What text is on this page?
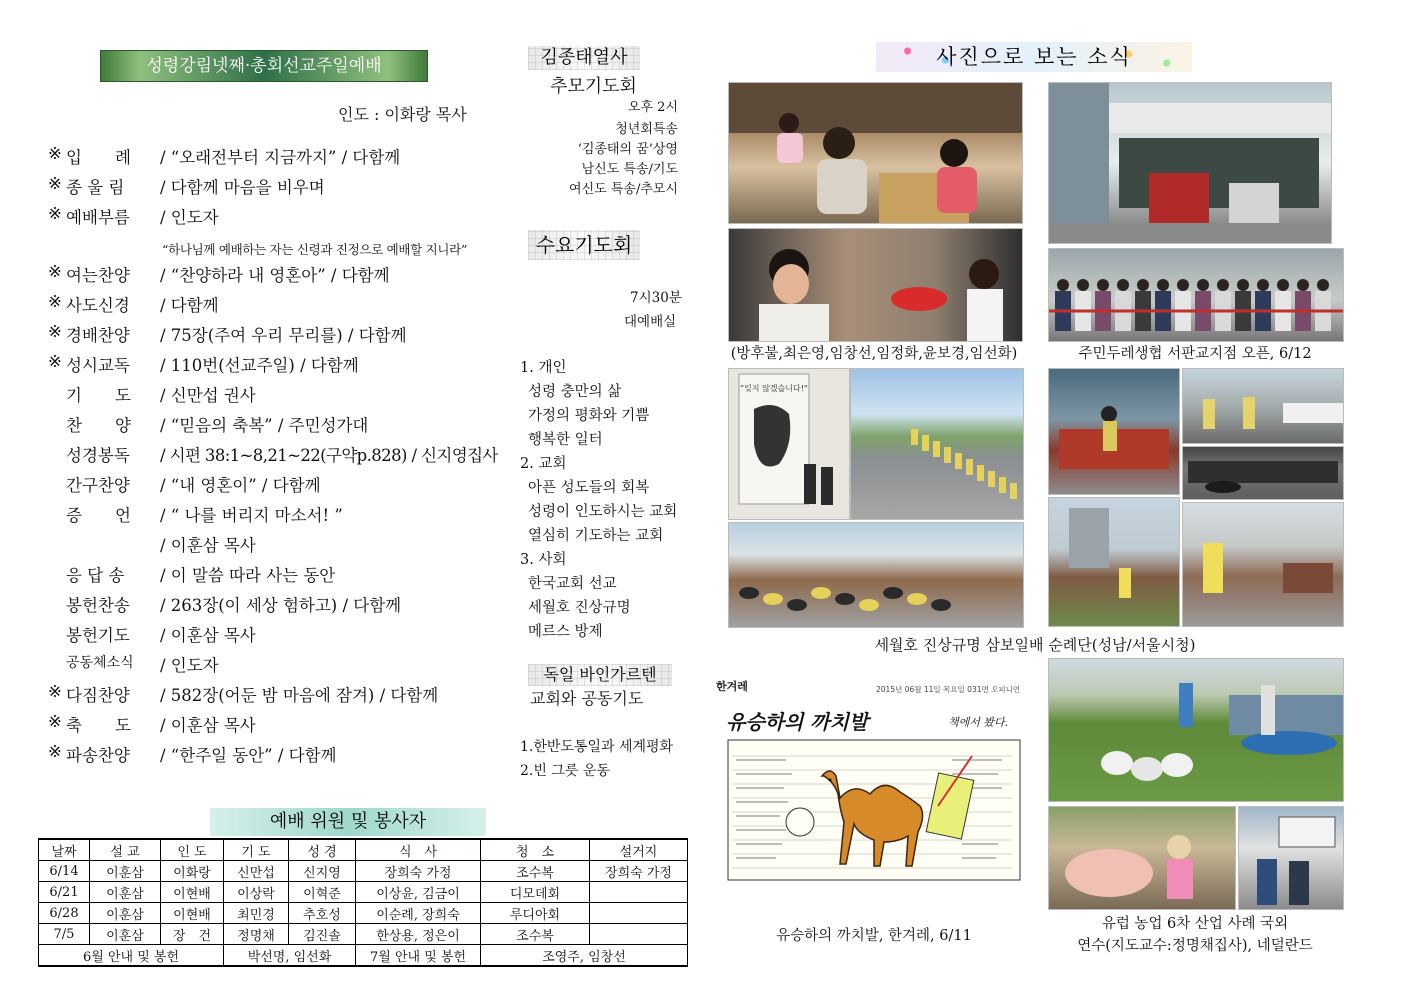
성령강림넷째·총회선교주일예배
인도 : 이화랑 목사
※ 입　　례	/ “오래전부터 지금까지” / 다함께
※ 종 울 림	/ 다함께 마음을 비우며
※ 예배부름	/ 인도자
※ 여는찬양	/ “찬양하라 내 영혼아” / 다함께
※ 사도신경	/ 다함께
※ 경배찬양	/ 75장(주여 우리 무리를) / 다함께
※ 성시교독	/ 110번(선교주일) / 다함께
기　　도	/ 신만섭 권사
찬　　양	/ “믿음의 축복” / 주민성가대
성경봉독	/ 시편 38:1~8,21~22(구약p.828) / 신지영집사
간구찬양	/ “내 영혼이” / 다함께
증　　언	/ “ 나를 버리지 마소서! ”
/ 이훈삼 목사
응 답 송	/ 이 말씀 따라 사는 동안
봉헌찬송	/ 263장(이 세상 험하고) / 다함께
봉헌기도	/ 이훈삼 목사
공동체소식	/ 인도자
※ 다짐찬양	/ 582장(어둔 밤 마음에 잠겨) / 다함께
※ 축　　도	/ 이훈삼 목사
※ 파송찬양	/ “한주일 동안” / 다함께
“하나님께 예배하는 자는 신령과 진정으로 예배할 지니라”
김종태열사
추모기도회
오후 2시
청년회특송
‘김종태의 꿈’상영
남신도 특송/기도
여신도 특송/추모시
수요기도회
7시30분
대예배실
1. 개인
성령 충만의 삶
가정의 평화와 기쁨
행복한 일터
2. 교회
아픈 성도들의 회복
성령이 인도하시는 교회
열심히 기도하는 교회
3. 사회
한국교회 선교
세월호 진상규명
메르스 방제
독일 바인가르텐
교회와 공동기도
1.한반도통일과 세계평화
2.빈 그릇 운동
예배 위원 및 봉사자
날짜	설 교	인 도	기 도	성 경	식　사	청　소	설거지
6/14	이훈삼	이화랑	신만섭	신지영	장희숙 가정	조수복	장희숙 가정
6/21	이훈삼	이현배	이상락	이혁준	이상윤, 김금이	디모데회	
6/28	이훈삼	이현배	최민경	추호성	이순례, 장희숙	루디아회	
7/5	이훈삼	장　건	정명채	김진솔	한상용, 정은이	조수복	
6월 안내 및 봉헌			박선명, 임선화		7월 안내 및 봉헌	조영주, 임창선	
사진으로 보는 소식
(방후불,최은영,임창선,임정화,윤보경,임선화)	주민두레생협 서판교지점 오픈, 6/12
"잊지 않겠습니다!"
세월호 진상규명 삼보일배 순례단(성남/서울시청)
한겨레	2015년 06월 11일 목요일 031면 오피니언
유승하의 까치발	책에서 봤다.
유승하의 까치발, 한겨레, 6/11
유럽 농업 6차 산업 사례 국외
연수(지도교수:정명채집사), 네덜란드
